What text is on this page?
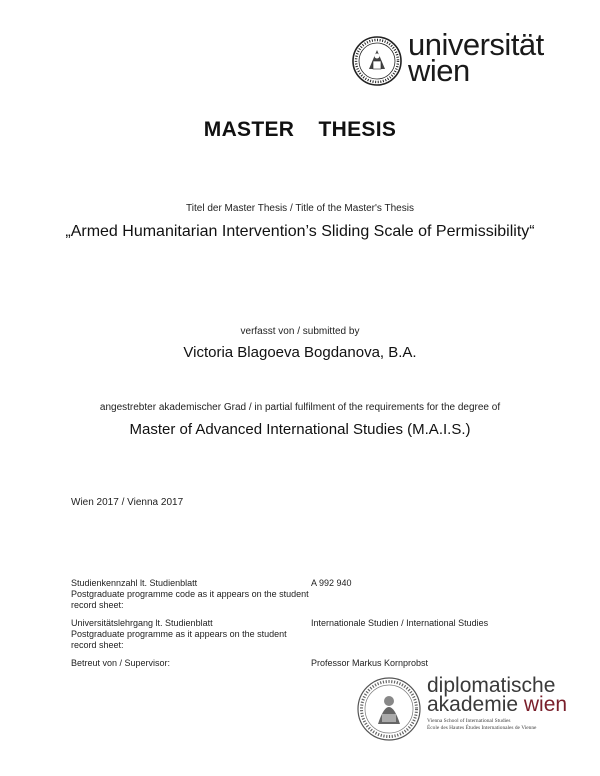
universität
wien
MASTER  THESIS
Titel der Master Thesis / Title of the Master's Thesis
„Armed Humanitarian Intervention’s Sliding Scale of Permissibility“
verfasst von / submitted by
Victoria Blagoeva Bogdanova, B.A.
angestrebter akademischer Grad / in partial fulfilment of the requirements for the degree of
Master of Advanced International Studies (M.A.I.S.)
Wien 2017 / Vienna 2017
Studienkennzahl lt. Studienblatt
Postgraduate programme code as it appears on the student record sheet:
A 992 940
Universitätslehrgang lt. Studienblatt
Postgraduate programme as it appears on the student record sheet:
Internationale Studien / International Studies
Betreut von / Supervisor:	Professor Markus Kornprobst
diplomatische
akademie wien
Vienna School of International Studies
École des Hautes Études Internationales de Vienne
